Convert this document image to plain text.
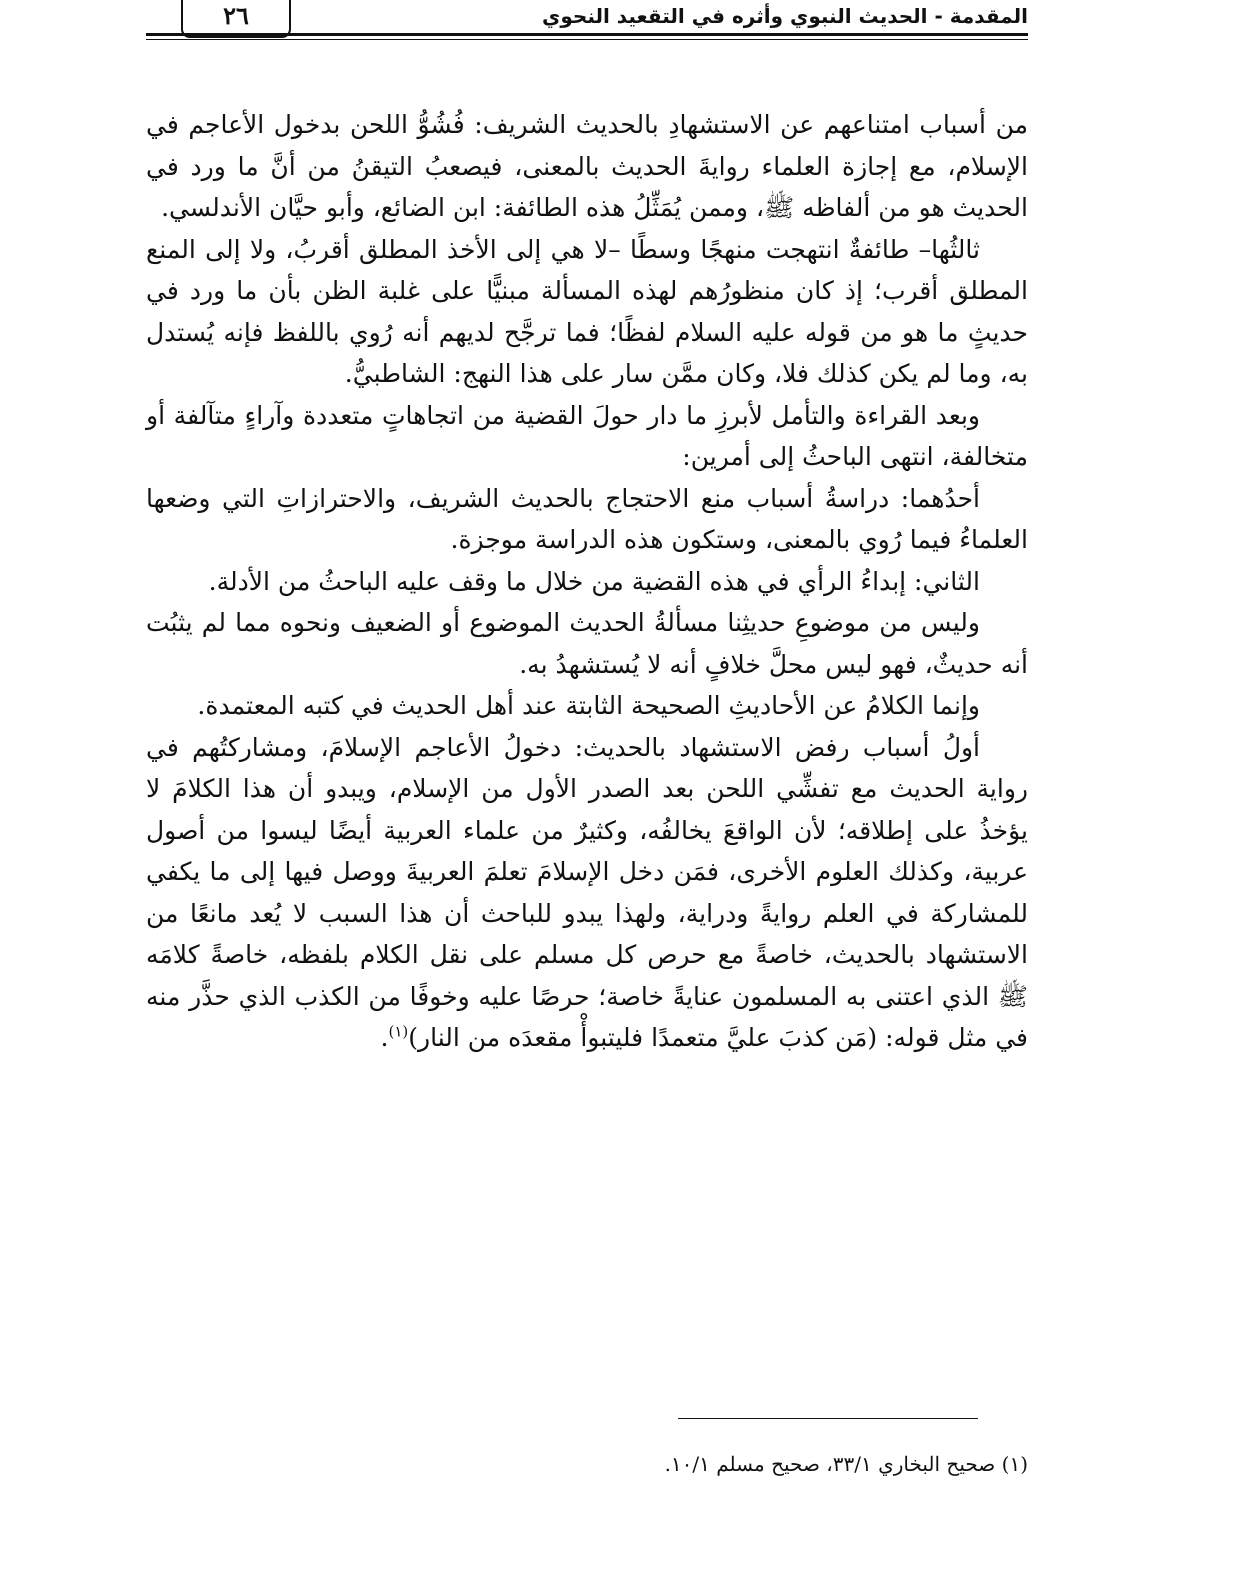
المقدمة - الحديث النبوي وأثره في التقعيد النحوي
٢٦

من أسباب امتناعهم عن الاستشهادِ بالحديث الشريف: فُشُوُّ اللحن بدخول الأعاجم في الإسلام، مع إجازة العلماء روايةَ الحديث بالمعنى، فيصعبُ التيقنُ من أنَّ ما ورد في الحديث هو من ألفاظه ﷺ، وممن يُمَثِّلُ هذه الطائفة: ابن الضائع، وأبو حيَّان الأندلسي.

ثالثُها– طائفةٌ انتهجت منهجًا وسطًا –لا هي إلى الأخذ المطلق أقربُ، ولا إلى المنع المطلق أقرب؛ إذ كان منظورُهم لهذه المسألة مبنيًّا على غلبة الظن بأن ما ورد في حديثٍ ما هو من قوله عليه السلام لفظًا؛ فما ترجَّح لديهم أنه رُوي باللفظ فإنه يُستدل به، وما لم يكن كذلك فلا، وكان ممَّن سار على هذا النهج: الشاطبيُّ.

وبعد القراءة والتأمل لأبرزِ ما دار حولَ القضية من اتجاهاتٍ متعددة وآراءٍ متآلفة أو متخالفة، انتهى الباحثُ إلى أمرين:

أحدُهما: دراسةُ أسباب منع الاحتجاج بالحديث الشريف، والاحترازاتِ التي وضعها العلماءُ فيما رُوي بالمعنى، وستكون هذه الدراسة موجزة.

الثاني: إبداءُ الرأي في هذه القضية من خلال ما وقف عليه الباحثُ من الأدلة.

وليس من موضوعِ حديثِنا مسألةُ الحديث الموضوع أو الضعيف ونحوه مما لم يثبُت أنه حديثٌ، فهو ليس محلَّ خلافٍ أنه لا يُستشهدُ به.

وإنما الكلامُ عن الأحاديثِ الصحيحة الثابتة عند أهل الحديث في كتبه المعتمدة.

أولُ أسباب رفض الاستشهاد بالحديث: دخولُ الأعاجم الإسلامَ، ومشاركتُهم في رواية الحديث مع تفشِّي اللحن بعد الصدر الأول من الإسلام، ويبدو أن هذا الكلامَ لا يؤخذُ على إطلاقه؛ لأن الواقعَ يخالفُه، وكثيرٌ من علماء العربية أيضًا ليسوا من أصول عربية، وكذلك العلوم الأخرى، فمَن دخل الإسلامَ تعلمَ العربيةَ ووصل فيها إلى ما يكفي للمشاركة في العلم روايةً ودراية، ولهذا يبدو للباحث أن هذا السبب لا يُعد مانعًا من الاستشهاد بالحديث، خاصةً مع حرص كل مسلم على نقل الكلام بلفظه، خاصةً كلامَه ﷺ الذي اعتنى به المسلمون عنايةً خاصة؛ حرصًا عليه وخوفًا من الكذب الذي حذَّر منه في مثل قوله: (مَن كذبَ عليَّ متعمدًا فليتبوأْ مقعدَه من النار)$^{(١)}$.

(١) صحيح البخاري ٣٣/١، صحيح مسلم ١٠/١.
